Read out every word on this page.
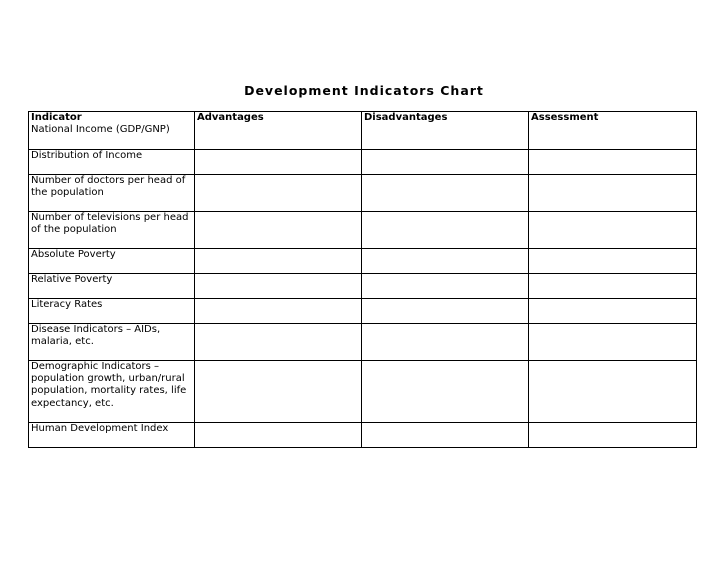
Development Indicators Chart
Indicator	Advantages	Disadvantages	Assessment
National Income (GDP/GNP)			
Distribution of Income			
Number of doctors per head of the population			
Number of televisions per head of the population			
Absolute Poverty			
Relative Poverty			
Literacy Rates			
Disease Indicators – AIDs, malaria, etc.			
Demographic Indicators – population growth, urban/rural population, mortality rates, life expectancy, etc.			
Human Development Index			
